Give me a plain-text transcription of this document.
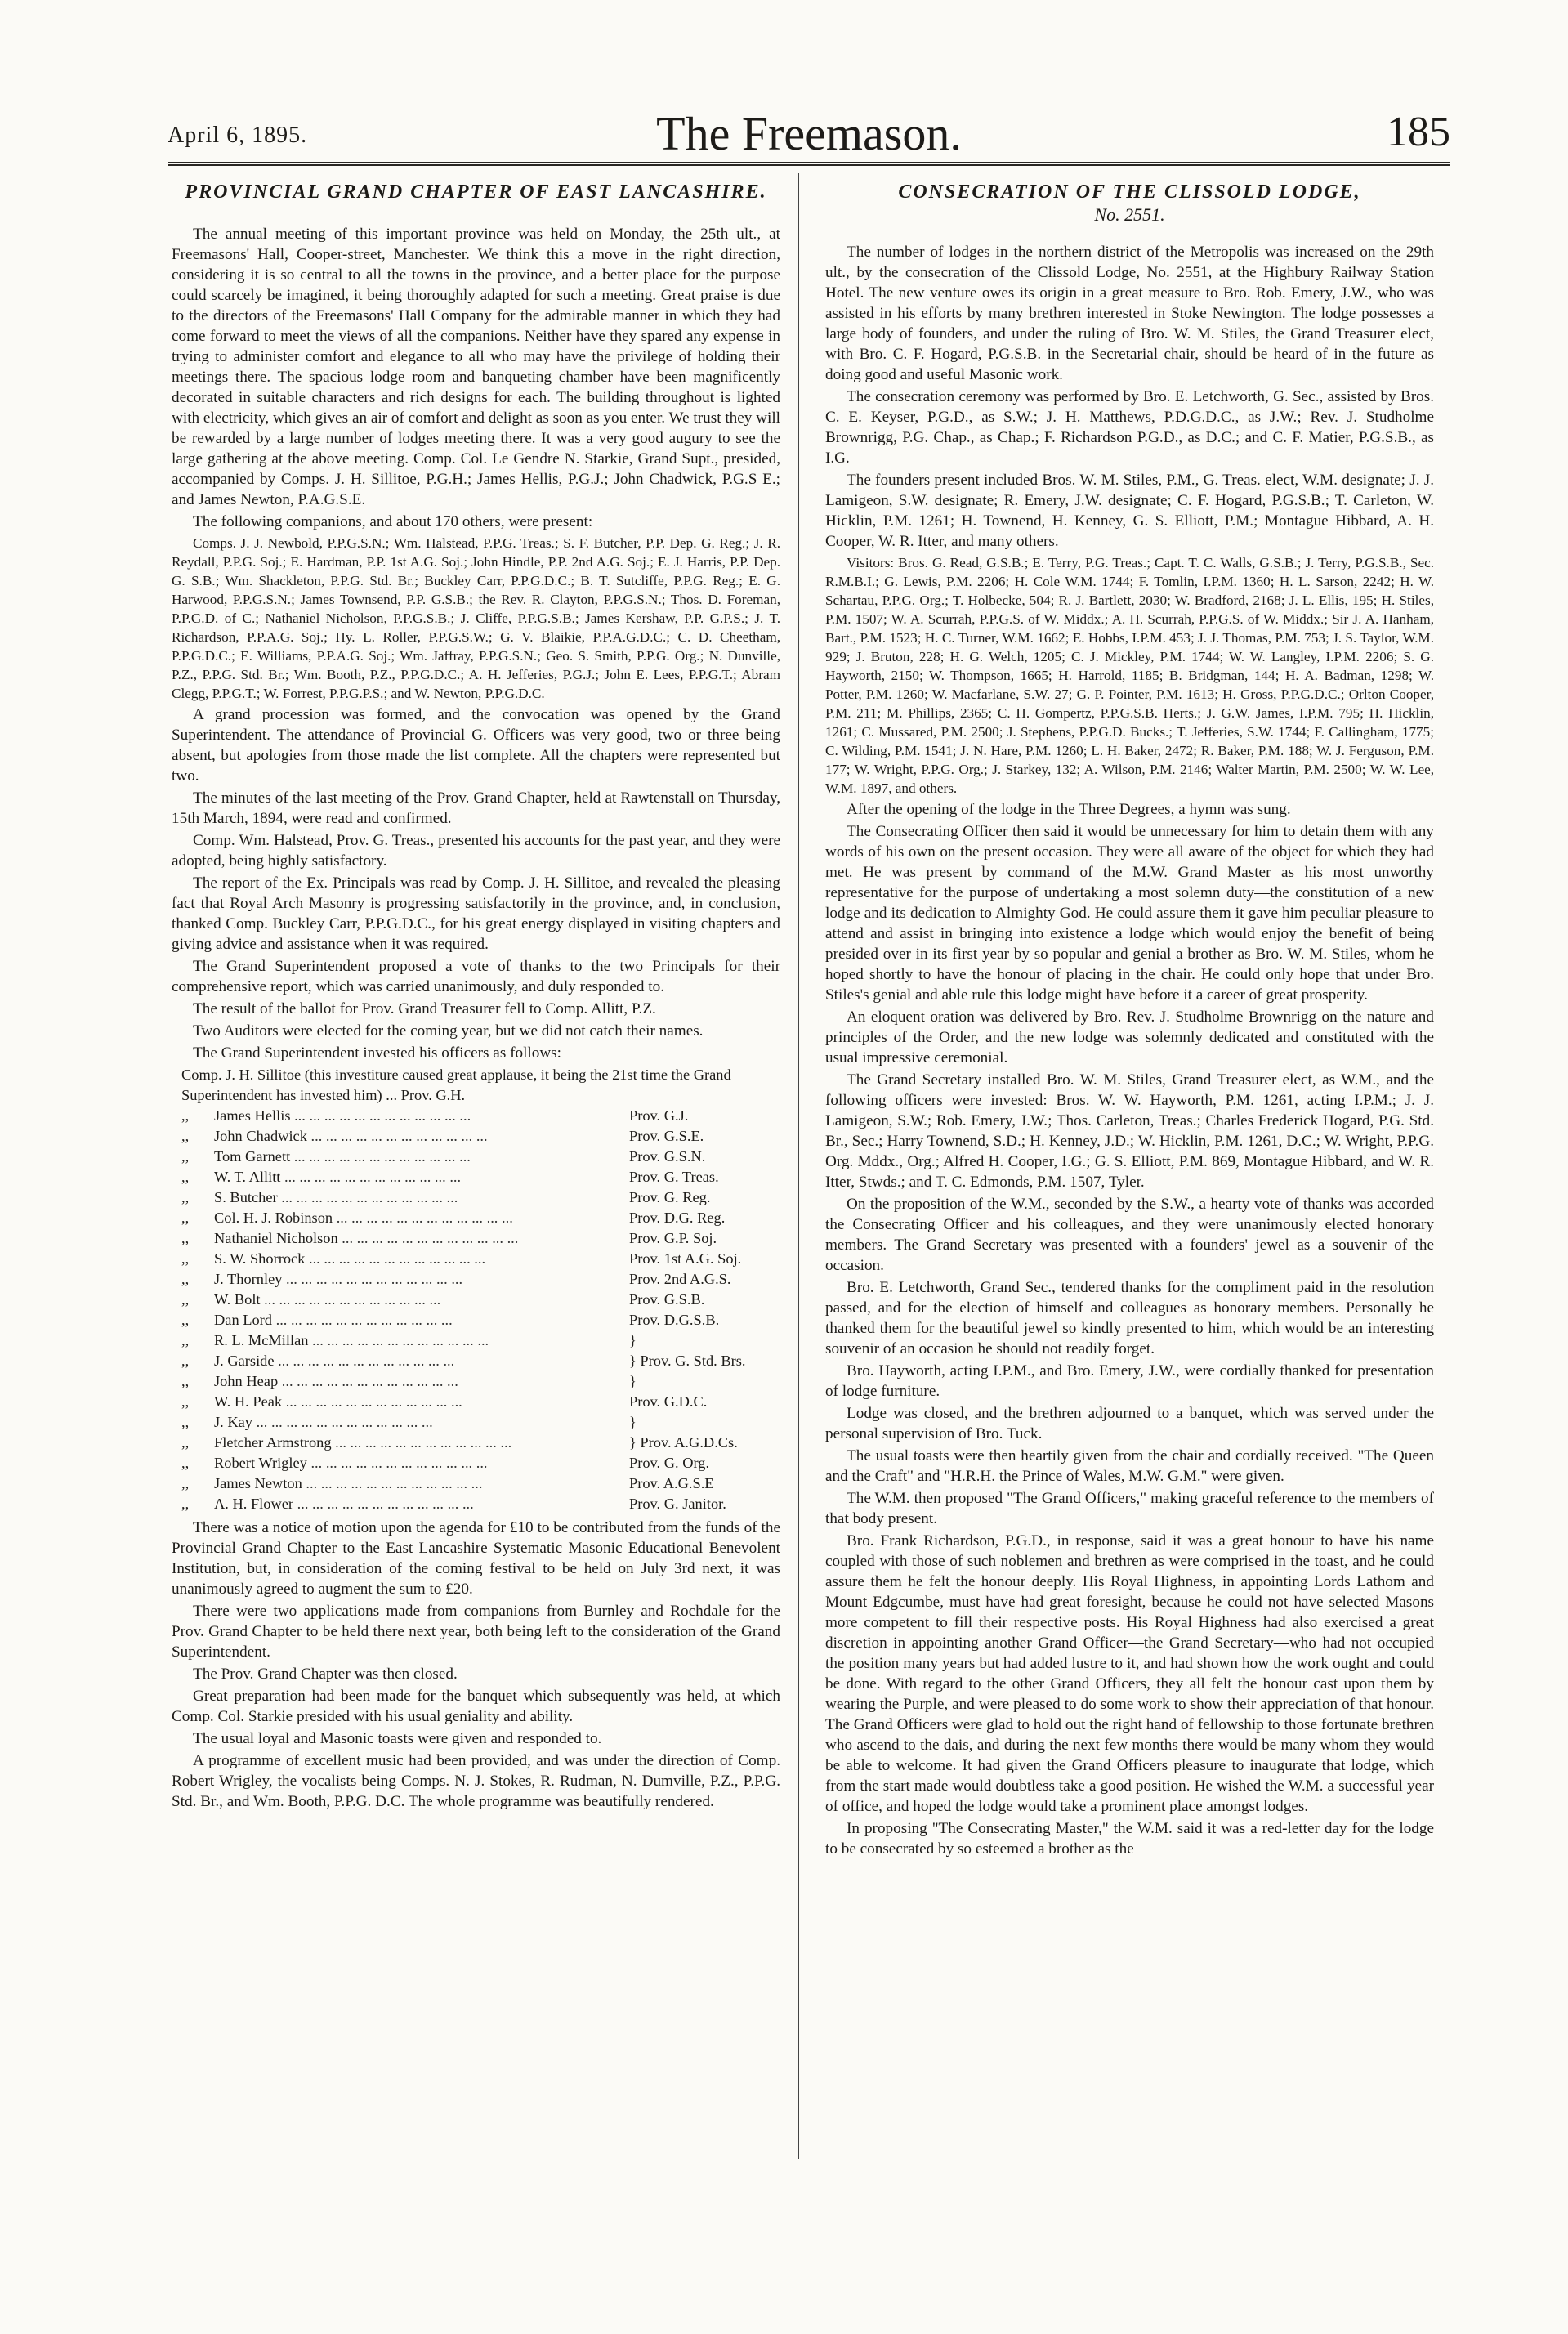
April 6, 1895.	The Freemason.	185
PROVINCIAL GRAND CHAPTER OF EAST LANCASHIRE.

The annual meeting of this important province was held on Monday, the 25th ult., at Freemasons' Hall, Cooper-street, Manchester. We think this a move in the right direction, considering it is so central to all the towns in the province, and a better place for the purpose could scarcely be imagined, it being thoroughly adapted for such a meeting. Great praise is due to the directors of the Freemasons' Hall Company for the admirable manner in which they had come forward to meet the views of all the companions. Neither have they spared any expense in trying to administer comfort and elegance to all who may have the privilege of holding their meetings there. The spacious lodge room and banqueting chamber have been magnificently decorated in suitable characters and rich designs for each. The building throughout is lighted with electricity, which gives an air of comfort and delight as soon as you enter. We trust they will be rewarded by a large number of lodges meeting there. It was a very good augury to see the large gathering at the above meeting. Comp. Col. Le Gendre N. Starkie, Grand Supt., presided, accompanied by Comps. J. H. Sillitoe, P.G.H.; James Hellis, P.G.J.; John Chadwick, P.G.S E.; and James Newton, P.A.G.S.E.

The following companions, and about 170 others, were present:

Comps. J. J. Newbold, P.P.G.S.N.; Wm. Halstead, P.P.G. Treas.; S. F. Butcher, P.P. Dep. G. Reg.; J. R. Reydall, P.P.G. Soj.; E. Hardman, P.P. 1st A.G. Soj.; John Hindle, P.P. 2nd A.G. Soj.; E. J. Harris, P.P. Dep. G. S.B.; Wm. Shackleton, P.P.G. Std. Br.; Buckley Carr, P.P.G.D.C.; B. T. Sutcliffe, P.P.G. Reg.; E. G. Harwood, P.P.G.S.N.; James Townsend, P.P. G.S.B.; the Rev. R. Clayton, P.P.G.S.N.; Thos. D. Foreman, P.P.G.D. of C.; Nathaniel Nicholson, P.P.G.S.B.; J. Cliffe, P.P.G.S.B.; James Kershaw, P.P. G.P.S.; J. T. Richardson, P.P.A.G. Soj.; Hy. L. Roller, P.P.G.S.W.; G. V. Blaikie, P.P.A.G.D.C.; C. D. Cheetham, P.P.G.D.C.; E. Williams, P.P.A.G. Soj.; Wm. Jaffray, P.P.G.S.N.; Geo. S. Smith, P.P.G. Org.; N. Dunville, P.Z., P.P.G. Std. Br.; Wm. Booth, P.Z., P.P.G.D.C.; A. H. Jefferies, P.G.J.; John E. Lees, P.P.G.T.; Abram Clegg, P.P.G.T.; W. Forrest, P.P.G.P.S.; and W. Newton, P.P.G.D.C.

A grand procession was formed, and the convocation was opened by the Grand Superintendent. The attendance of Provincial G. Officers was very good, two or three being absent, but apologies from those made the list complete. All the chapters were represented but two.

The minutes of the last meeting of the Prov. Grand Chapter, held at Rawtenstall on Thursday, 15th March, 1894, were read and confirmed.

Comp. Wm. Halstead, Prov. G. Treas., presented his accounts for the past year, and they were adopted, being highly satisfactory.

The report of the Ex. Principals was read by Comp. J. H. Sillitoe, and revealed the pleasing fact that Royal Arch Masonry is progressing satisfactorily in the province, and, in conclusion, thanked Comp. Buckley Carr, P.P.G.D.C., for his great energy displayed in visiting chapters and giving advice and assistance when it was required.

The Grand Superintendent proposed a vote of thanks to the two Principals for their comprehensive report, which was carried unanimously, and duly responded to.

The result of the ballot for Prov. Grand Treasurer fell to Comp. Allitt, P.Z.

Two Auditors were elected for the coming year, but we did not catch their names.

The Grand Superintendent invested his officers as follows:

Comp. J. H. Sillitoe (this investiture caused great applause, it being the 21st time the Grand Superintendent has invested him) ... Prov. G.H.
,,	James Hellis ...	Prov. G.J.
,,	John Chadwick ...	Prov. G.S.E.
,,	Tom Garnett ...	Prov. G.S.N.
,,	W. T. Allitt ...	Prov. G. Treas.
,,	S. Butcher ...	Prov. G. Reg.
,,	Col. H. J. Robinson ...	Prov. D.G. Reg.
,,	Nathaniel Nicholson ...	Prov. G.P. Soj.
,,	S. W. Shorrock ...	Prov. 1st A.G. Soj.
,,	J. Thornley ...	Prov. 2nd A.G.S.
,,	W. Bolt ...	Prov. G.S.B.
,,	Dan Lord ...	Prov. D.G.S.B.
,,	R. L. McMillan ...	}
,,	J. Garside ...	} Prov. G. Std. Brs.
,,	John Heap ...	}
,,	W. H. Peak ...	Prov. G.D.C.
,,	J. Kay ...	}
,,	Fletcher Armstrong ...	} Prov. A.G.D.Cs.
,,	Robert Wrigley ...	Prov. G. Org.
,,	James Newton ...	Prov. A.G.S.E
,,	A. H. Flower ...	Prov. G. Janitor.

There was a notice of motion upon the agenda for £10 to be contributed from the funds of the Provincial Grand Chapter to the East Lancashire Systematic Masonic Educational Benevolent Institution, but, in consideration of the coming festival to be held on July 3rd next, it was unanimously agreed to augment the sum to £20.

There were two applications made from companions from Burnley and Rochdale for the Prov. Grand Chapter to be held there next year, both being left to the consideration of the Grand Superintendent.

The Prov. Grand Chapter was then closed.

Great preparation had been made for the banquet which subsequently was held, at which Comp. Col. Starkie presided with his usual geniality and ability.

The usual loyal and Masonic toasts were given and responded to.

A programme of excellent music had been provided, and was under the direction of Comp. Robert Wrigley, the vocalists being Comps. N. J. Stokes, R. Rudman, N. Dumville, P.Z., P.P.G. Std. Br., and Wm. Booth, P.P.G. D.C. The whole programme was beautifully rendered.

CONSECRATION OF THE CLISSOLD LODGE,
No. 2551.

The number of lodges in the northern district of the Metropolis was increased on the 29th ult., by the consecration of the Clissold Lodge, No. 2551, at the Highbury Railway Station Hotel. The new venture owes its origin in a great measure to Bro. Rob. Emery, J.W., who was assisted in his efforts by many brethren interested in Stoke Newington. The lodge possesses a large body of founders, and under the ruling of Bro. W. M. Stiles, the Grand Treasurer elect, with Bro. C. F. Hogard, P.G.S.B. in the Secretarial chair, should be heard of in the future as doing good and useful Masonic work.

The consecration ceremony was performed by Bro. E. Letchworth, G. Sec., assisted by Bros. C. E. Keyser, P.G.D., as S.W.; J. H. Matthews, P.D.G.D.C., as J.W.; Rev. J. Studholme Brownrigg, P.G. Chap., as Chap.; F. Richardson P.G.D., as D.C.; and C. F. Matier, P.G.S.B., as I.G.

The founders present included Bros. W. M. Stiles, P.M., G. Treas. elect, W.M. designate; J. J. Lamigeon, S.W. designate; R. Emery, J.W. designate; C. F. Hogard, P.G.S.B.; T. Carleton, W. Hicklin, P.M. 1261; H. Townend, H. Kenney, G. S. Elliott, P.M.; Montague Hibbard, A. H. Cooper, W. R. Itter, and many others.

Visitors: Bros. G. Read, G.S.B.; E. Terry, P.G. Treas.; Capt. T. C. Walls, G.S.B.; J. Terry, P.G.S.B., Sec. R.M.B.I.; G. Lewis, P.M. 2206; H. Cole W.M. 1744; F. Tomlin, I.P.M. 1360; H. L. Sarson, 2242; H. W. Schartau, P.P.G. Org.; T. Holbecke, 504; R. J. Bartlett, 2030; W. Bradford, 2168; J. L. Ellis, 195; H. Stiles, P.M. 1507; W. A. Scurrah, P.P.G.S. of W. Middx.; A. H. Scurrah, P.P.G.S. of W. Middx.; Sir J. A. Hanham, Bart., P.M. 1523; H. C. Turner, W.M. 1662; E. Hobbs, I.P.M. 453; J. J. Thomas, P.M. 753; J. S. Taylor, W.M. 929; J. Bruton, 228; H. G. Welch, 1205; C. J. Mickley, P.M. 1744; W. W. Langley, I.P.M. 2206; S. G. Hayworth, 2150; W. Thompson, 1665; H. Harrold, 1185; B. Bridgman, 144; H. A. Badman, 1298; W. Potter, P.M. 1260; W. Macfarlane, S.W. 27; G. P. Pointer, P.M. 1613; H. Gross, P.P.G.D.C.; Orlton Cooper, P.M. 211; M. Phillips, 2365; C. H. Gompertz, P.P.G.S.B. Herts.; J. G.W. James, I.P.M. 795; H. Hicklin, 1261; C. Mussared, P.M. 2500; J. Stephens, P.P.G.D. Bucks.; T. Jefferies, S.W. 1744; F. Callingham, 1775; C. Wilding, P.M. 1541; J. N. Hare, P.M. 1260; L. H. Baker, 2472; R. Baker, P.M. 188; W. J. Ferguson, P.M. 177; W. Wright, P.P.G. Org.; J. Starkey, 132; A. Wilson, P.M. 2146; Walter Martin, P.M. 2500; W. W. Lee, W.M. 1897, and others.

After the opening of the lodge in the Three Degrees, a hymn was sung.

The Consecrating Officer then said it would be unnecessary for him to detain them with any words of his own on the present occasion. They were all aware of the object for which they had met. He was present by command of the M.W. Grand Master as his most unworthy representative for the purpose of undertaking a most solemn duty—the constitution of a new lodge and its dedication to Almighty God. He could assure them it gave him peculiar pleasure to attend and assist in bringing into existence a lodge which would enjoy the benefit of being presided over in its first year by so popular and genial a brother as Bro. W. M. Stiles, whom he hoped shortly to have the honour of placing in the chair. He could only hope that under Bro. Stiles's genial and able rule this lodge might have before it a career of great prosperity.

An eloquent oration was delivered by Bro. Rev. J. Studholme Brownrigg on the nature and principles of the Order, and the new lodge was solemnly dedicated and constituted with the usual impressive ceremonial.

The Grand Secretary installed Bro. W. M. Stiles, Grand Treasurer elect, as W.M., and the following officers were invested: Bros. W. W. Hayworth, P.M. 1261, acting I.P.M.; J. J. Lamigeon, S.W.; Rob. Emery, J.W.; Thos. Carleton, Treas.; Charles Frederick Hogard, P.G. Std. Br., Sec.; Harry Townend, S.D.; H. Kenney, J.D.; W. Hicklin, P.M. 1261, D.C.; W. Wright, P.P.G. Org. Mddx., Org.; Alfred H. Cooper, I.G.; G. S. Elliott, P.M. 869, Montague Hibbard, and W. R. Itter, Stwds.; and T. C. Edmonds, P.M. 1507, Tyler.

On the proposition of the W.M., seconded by the S.W., a hearty vote of thanks was accorded the Consecrating Officer and his colleagues, and they were unanimously elected honorary members. The Grand Secretary was presented with a founders' jewel as a souvenir of the occasion.

Bro. E. Letchworth, Grand Sec., tendered thanks for the compliment paid in the resolution passed, and for the election of himself and colleagues as honorary members. Personally he thanked them for the beautiful jewel so kindly presented to him, which would be an interesting souvenir of an occasion he should not readily forget.

Bro. Hayworth, acting I.P.M., and Bro. Emery, J.W., were cordially thanked for presentation of lodge furniture.

Lodge was closed, and the brethren adjourned to a banquet, which was served under the personal supervision of Bro. Tuck.

The usual toasts were then heartily given from the chair and cordially received. "The Queen and the Craft" and "H.R.H. the Prince of Wales, M.W. G.M." were given.

The W.M. then proposed "The Grand Officers," making graceful reference to the members of that body present.

Bro. Frank Richardson, P.G.D., in response, said it was a great honour to have his name coupled with those of such noblemen and brethren as were comprised in the toast, and he could assure them he felt the honour deeply. His Royal Highness, in appointing Lords Lathom and Mount Edgcumbe, must have had great foresight, because he could not have selected Masons more competent to fill their respective posts. His Royal Highness had also exercised a great discretion in appointing another Grand Officer—the Grand Secretary—who had not occupied the position many years but had added lustre to it, and had shown how the work ought and could be done. With regard to the other Grand Officers, they all felt the honour cast upon them by wearing the Purple, and were pleased to do some work to show their appreciation of that honour. The Grand Officers were glad to hold out the right hand of fellowship to those fortunate brethren who ascend to the dais, and during the next few months there would be many whom they would be able to welcome. It had given the Grand Officers pleasure to inaugurate that lodge, which from the start made would doubtless take a good position. He wished the W.M. a successful year of office, and hoped the lodge would take a prominent place amongst lodges.

In proposing "The Consecrating Master," the W.M. said it was a red-letter day for the lodge to be consecrated by so esteemed a brother as the
